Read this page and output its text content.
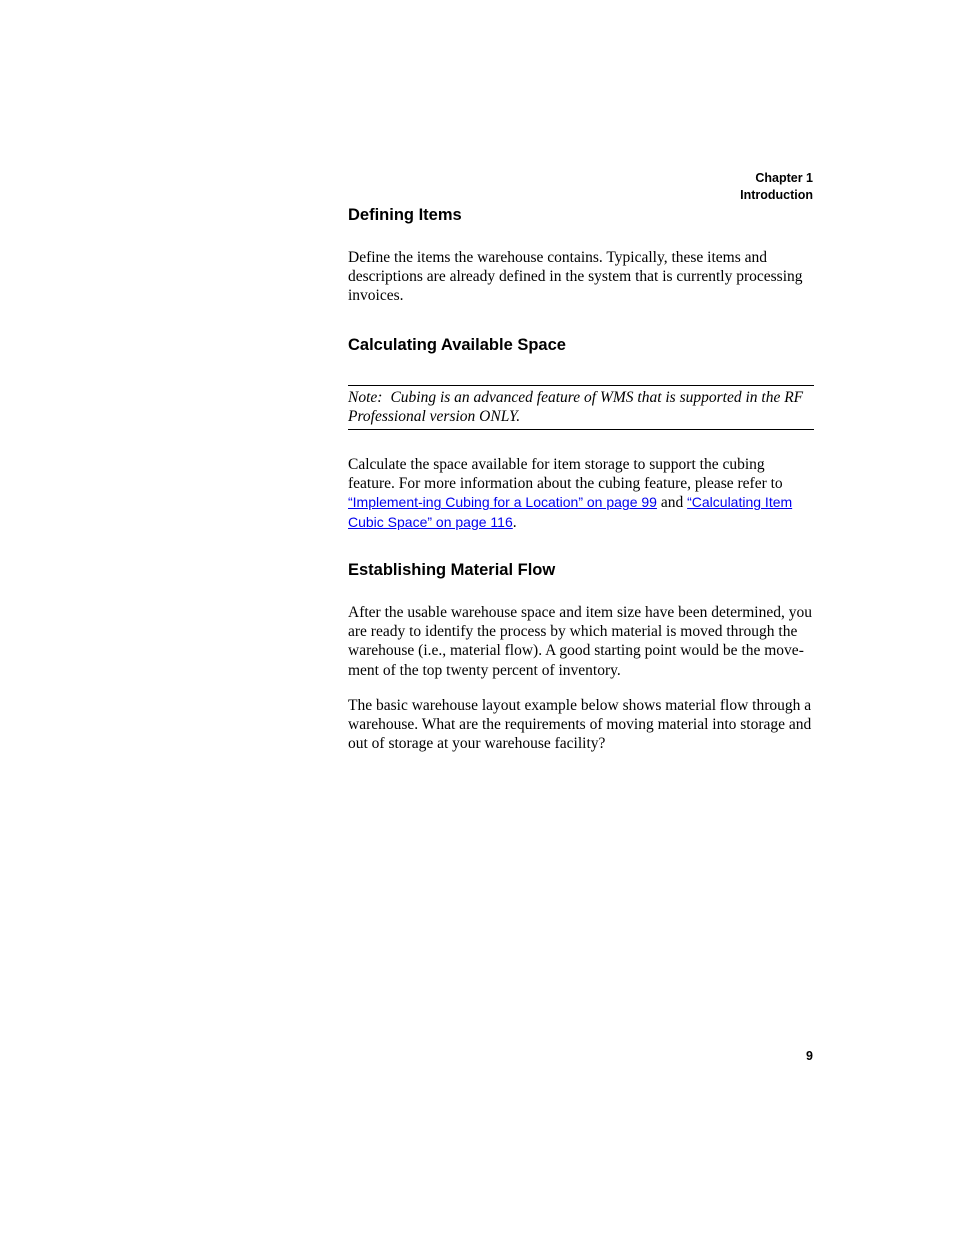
Chapter 1
Introduction
Defining Items

Define the items the warehouse contains. Typically, these items and descriptions are already defined in the system that is currently processing invoices.

Calculating Available Space
Note: Cubing is an advanced feature of WMS that is supported in the RF Professional version ONLY.

Calculate the space available for item storage to support the cubing feature. For more information about the cubing feature, please refer to “Implement-ing Cubing for a Location” on page 99 and “Calculating Item Cubic Space” on page 116.

Establishing Material Flow

After the usable warehouse space and item size have been determined, you are ready to identify the process by which material is moved through the warehouse (i.e., material flow). A good starting point would be the move-ment of the top twenty percent of inventory.

The basic warehouse layout example below shows material flow through a warehouse. What are the requirements of moving material into storage and out of storage at your warehouse facility?

9
